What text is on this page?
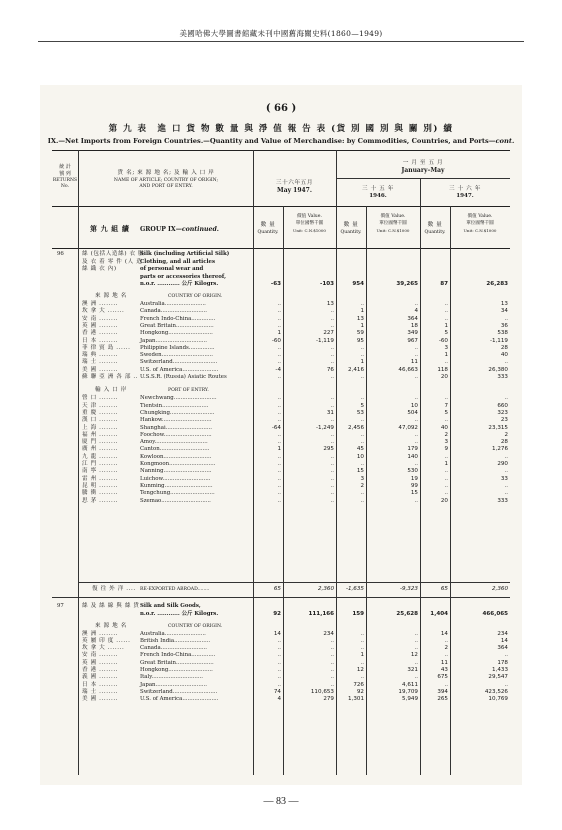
美國哈佛大學圖書館藏未刊中國舊海關史料(1860—1949)
( 66 )
第 九 表　進 口 貨 物 數 量 與 淨 值 報 告 表 (貨 別 國 別 與 關 別) 續
IX.—Net Imports from Foreign Countries.—Quantity and Value of Merchandise: by Commodities, Countries, and Ports—cont.
統 計
號 列
RETURNS
No.
貨 名; 來 源 地 名; 及 輸 入 口 岸
NAME OF ARTICLE; COUNTRY OF ORIGIN;
AND PORT OF ENTRY.
三十六年五月
May 1947.
一 月 至 五 月
January–May
三 十 五 年
1946.
三 十 六 年
1947.
數 量
Quantity.
價值 Value.
單位國幣千圓
Unit: C.N.$1000
數 量
Quantity.
價值 Value.
單位國幣千圓
Unit: C.N.$1000
數 量
Quantity.
價值 Value.
單位國幣千圓
Unit: C.N.$1000
第 九 組 續 GROUP IX—continued.
96	絲 (包括人造絲) 衣 服
及 衣 着 零 件 (人 造
絲 織 衣 內)
Silk (including Artificial Silk)
Clothing, and all articles
of personal wear and
parts or accessories thereof,
n.o.r. ............ 公斤 Kilogrs.	-63	-103	954	39,265	87	26,283
來 源 地 名	COUNTRY OF ORIGIN.
澳 洲 ........	Australia........................	..	13	..	..	..	13
坎 拿 大 .......	Canada...........................	..	..	1	4	..	34
安 南 ........	French Indo-China..............	..	..	13	364	..	..
英 國 ........	Great Britain......................	..	..	1	18	1	36
香 港 ........	Hongkong..........................	1	227	59	349	5	538
日 本 ........	Japan..............................	-60	-1,119	95	967	-60	-1,119
菲 律 賓 島 ...... Philippine Islands...............	..	..	..	..	3	28
瑞 典 ........	Sweden..............................	..	..	..	..	1	40
瑞 士 ........	Switzerland..........................	..	..	1	11	..	..
美 國 ........	U.S. of America.....................	-4	76	2,416	46,663	118	26,380
蘇 聯 亞 洲 各 部 .. U.S.S.R. (Russia) Asiatic Routes	..	..	..	..	20	333
輸 入 口 岸	PORT OF ENTRY.
營 口 ........	Newchwang.........................	..	..	..	..	..	..
天 津 ........	Tientsin...........................	..	..	5	10	7	660
重 慶 ........	Chungking..........................	..	31	53	504	5	323
漢 口 ........	Hankow.............................	..	..	..	..	..	23
上 海 ........	Shanghai...........................	-64	-1,249	2,456	47,092	40	23,315
福 州 ........	Foochow............................	..	..	..	..	2	2
廈 門 ........	Amoy...............................	..	..	..	..	3	28
廣 州 ........	Canton.............................	1	295	45	179	9	1,276
九 龍 ........	Kowloon............................	..	..	10	140	..	..
江 門 ........	Kongmoon...........................	..	..	..	..	1	290
南 寧 ........	Nanning............................	..	..	15	530	..	..
雷 州 ........	Luichow............................	..	..	3	19	..	33
昆 明 ........	Kunming............................	..	..	2	99	..	..
騰 衝 ........	Tengchung..........................	..	..	..	15	..	..
思 茅 ........	Szemao.............................	..	..	..	..	20	333
復 往 外 洋 .... RE-EXPORTED ABROAD........	65	2,360	-1,635	-9,323	65	2,360
97	絲 及 絲 線 與 絲 貨 Silk and Silk Goods,
n.o.r. ............ 公斤 Kilogrs.	92	111,166	159	25,628	1,404	466,065
來 源 地 名	COUNTRY OF ORIGIN.
澳 洲 ........	Australia........................	14	234	..	..	14	234
英 屬 印 度 ...... British India.....................	..	..	..	..	..	14
坎 拿 大 .......	Canada...........................	..	..	..	..	2	364
安 南 ........	French Indo-China..............	..	..	1	12	..	..
英 國 ........	Great Britain......................	..	..	..	..	11	178
香 港 ........	Hongkong..........................	..	..	12	321	43	1,433
義 國 ........	Italy..............................	..	..	..	..	675	29,547
日 本 ........	Japan..............................	..	..	726	4,611	..	..
瑞 士 ........	Switzerland..........................	74	110,653	92	19,709	394	423,526
美 國 ........	U.S. of America.....................	4	279	1,301	5,949	265	10,769
— 83 —
